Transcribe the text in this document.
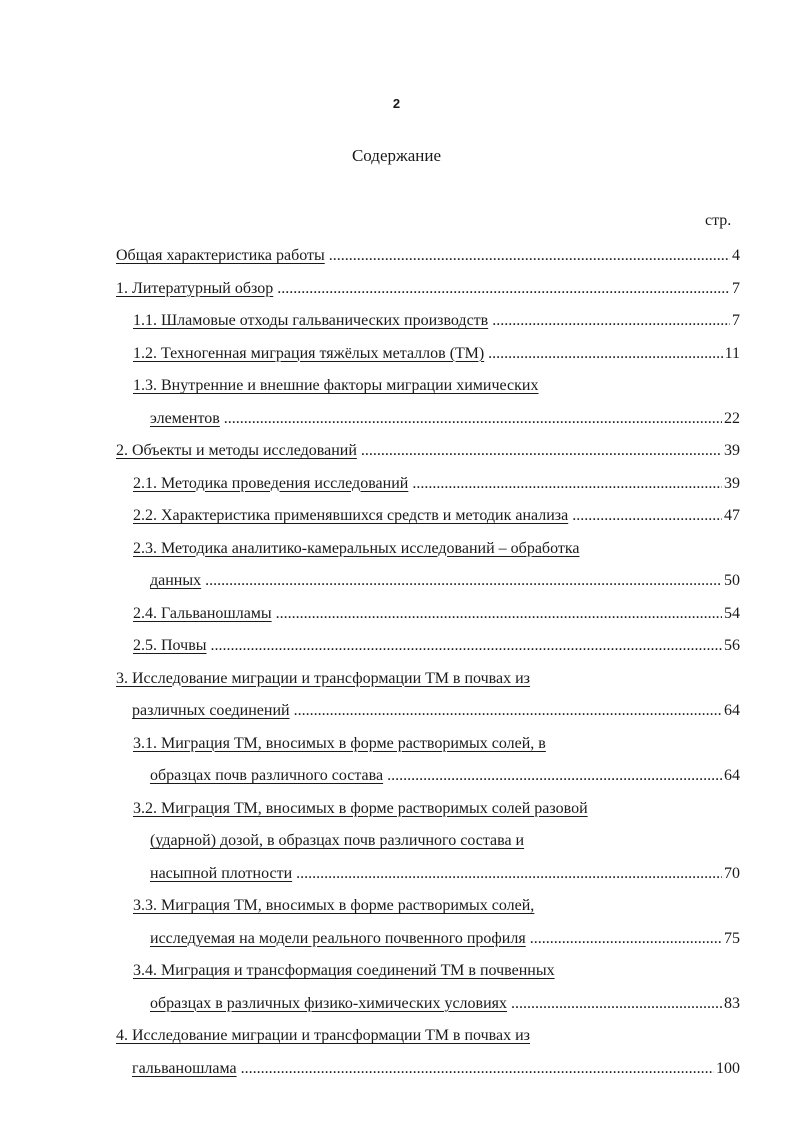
2
Содержание
стр.
Общая характеристика работы .....	4
1. Литературный обзор .....	7
1.1. Шламовые отходы гальванических производств .....	7
1.2. Техногенная миграция тяжёлых металлов (ТМ) .....	11
1.3. Внутренние и внешние факторы миграции химических
элементов .....	22
2. Объекты и методы исследований .....	39
2.1. Методика проведения исследований .....	39
2.2. Характеристика применявшихся средств и методик анализа .....	47
2.3. Методика аналитико-камеральных исследований – обработка
данных .....	50
2.4. Гальваношламы .....	54
2.5. Почвы .....	56
3. Исследование миграции и трансформации ТМ в почвах из
различных соединений .....	64
3.1. Миграция ТМ, вносимых в форме растворимых солей, в
образцах почв различного состава .....	64
3.2. Миграция ТМ, вносимых в форме растворимых солей разовой
(ударной) дозой, в образцах почв различного состава и
насыпной плотности .....	70
3.3. Миграция ТМ, вносимых в форме растворимых солей,
исследуемая на модели реального почвенного профиля .....	75
3.4. Миграция и трансформация соединений ТМ в почвенных
образцах в различных физико-химических условиях .....	83
4. Исследование миграции и трансформации ТМ в почвах из
гальваношлама .....	100
